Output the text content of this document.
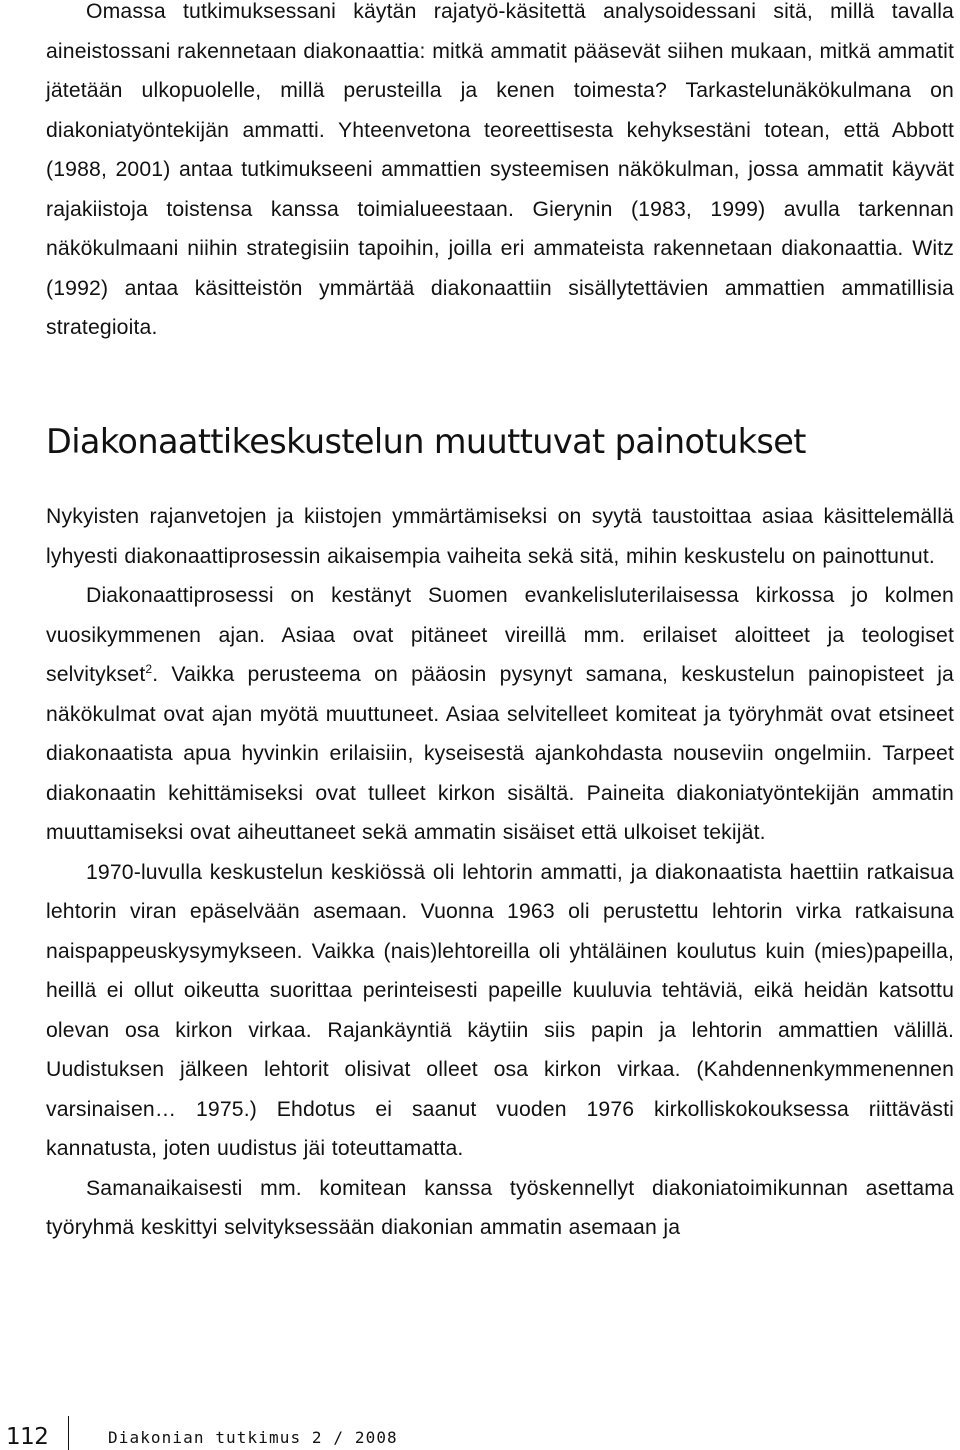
Omassa tutkimuksessani käytän rajatyö-käsitettä analysoidessani sitä, millä tavalla aineistossani rakennetaan diakonaattia: mitkä ammatit pääsevät siihen mukaan, mitkä ammatit jätetään ulkopuolelle, millä perusteilla ja kenen toimesta? Tarkastelunäkökulmana on diakoniatyöntekijän ammatti. Yhteenvetona teoreettisesta kehyksestäni totean, että Abbott (1988, 2001) antaa tutkimukseeni ammattien systeemisen näkökulman, jossa ammatit käyvät rajakiistoja toistensa kanssa toimialueestaan. Gierynin (1983, 1999) avulla tarkennan näkökulmaani niihin strategisiin tapoihin, joilla eri ammateista rakennetaan diakonaattia. Witz (1992) antaa käsitteistön ymmärtää diakonaattiin sisällytettävien ammattien ammatillisia strategioita.

Diakonaattikeskustelun muuttuvat painotukset

Nykyisten rajanvetojen ja kiistojen ymmärtämiseksi on syytä taustoittaa asiaa käsittelemällä lyhyesti diakonaattiprosessin aikaisempia vaiheita sekä sitä, mihin keskustelu on painottunut.

Diakonaattiprosessi on kestänyt Suomen evankelisluterilaisessa kirkossa jo kolmen vuosikymmenen ajan. Asiaa ovat pitäneet vireillä mm. erilaiset aloitteet ja teologiset selvitykset$^2$. Vaikka perusteema on pääosin pysynyt samana, keskustelun painopisteet ja näkökulmat ovat ajan myötä muuttuneet. Asiaa selvitelleet komiteat ja työryhmät ovat etsineet diakonaatista apua hyvinkin erilaisiin, kyseisestä ajankohdasta nouseviin ongelmiin. Tarpeet diakonaatin kehittämiseksi ovat tulleet kirkon sisältä. Paineita diakoniatyöntekijän ammatin muuttamiseksi ovat aiheuttaneet sekä ammatin sisäiset että ulkoiset tekijät.

1970-luvulla keskustelun keskiössä oli lehtorin ammatti, ja diakonaatista haettiin ratkaisua lehtorin viran epäselvään asemaan. Vuonna 1963 oli perustettu lehtorin virka ratkaisuna naispappeuskysymykseen. Vaikka (nais)lehtoreilla oli yhtäläinen koulutus kuin (mies)papeilla, heillä ei ollut oikeutta suorittaa perinteisesti papeille kuuluvia tehtäviä, eikä heidän katsottu olevan osa kirkon virkaa. Rajankäyntiä käytiin siis papin ja lehtorin ammattien välillä. Uudistuksen jälkeen lehtorit olisivat olleet osa kirkon virkaa. (Kahdennenkymmenennen varsinaisen… 1975.) Ehdotus ei saanut vuoden 1976 kirkolliskokouksessa riittävästi kannatusta, joten uudistus jäi toteuttamatta.

Samanaikaisesti mm. komitean kanssa työskennellyt diakoniatoimikunnan asettama työryhmä keskittyi selvityksessään diakonian ammatin asemaan ja

112	Diakonian tutkimus 2 / 2008
